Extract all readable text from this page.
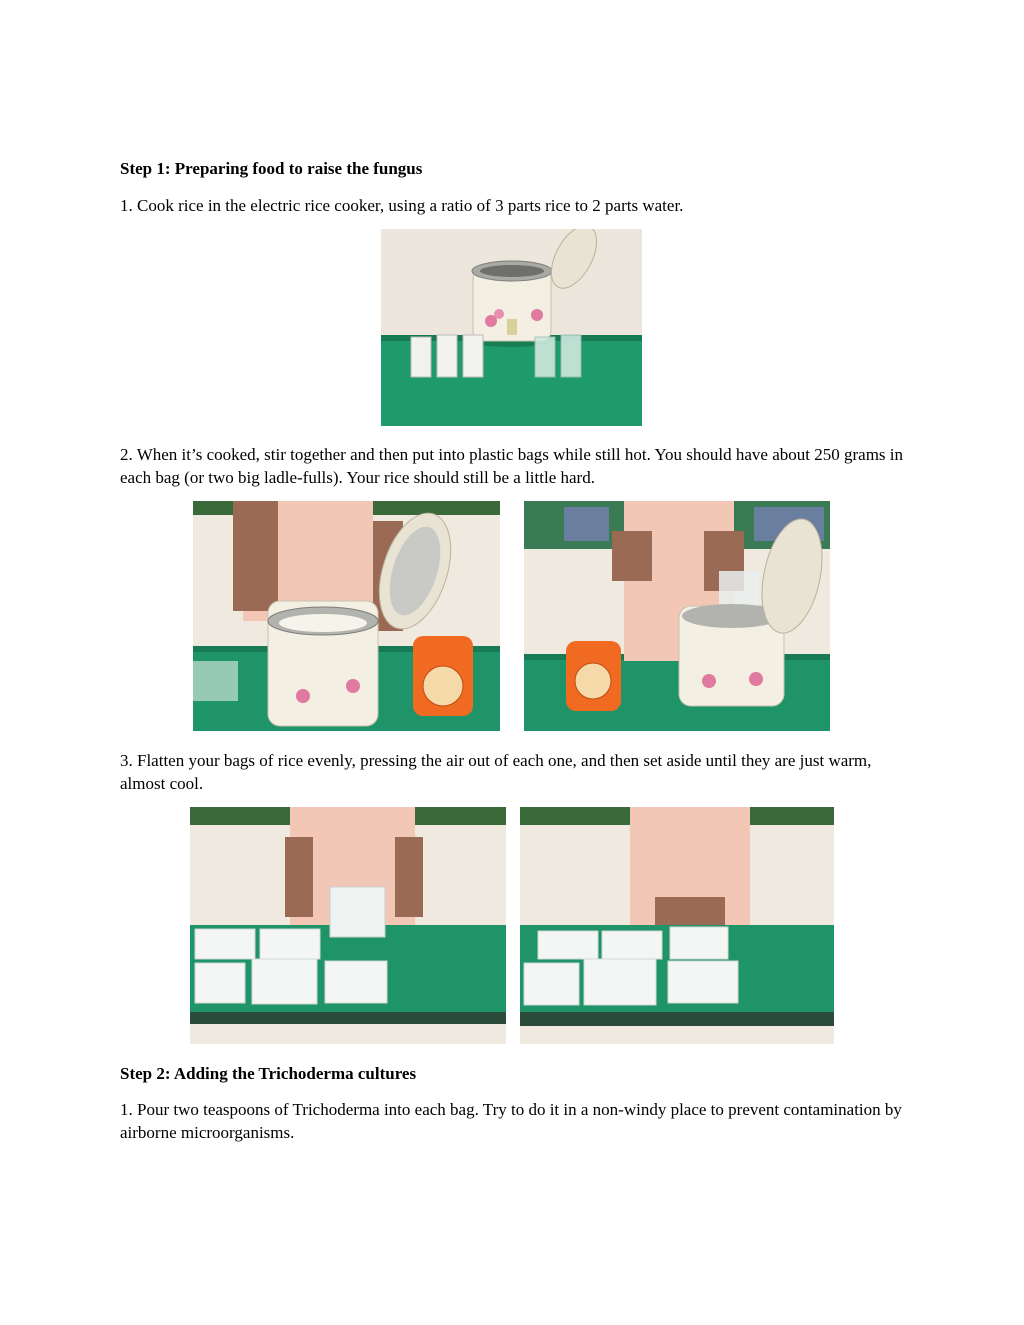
Step 1: Preparing food to raise the fungus
1. Cook rice in the electric rice cooker, using a ratio of 3 parts rice to 2 parts water.
2. When it’s cooked, stir together and then put into plastic bags while still hot. You should have about 250 grams in each bag (or two big ladle-fulls). Your rice should still be a little hard.
3. Flatten your bags of rice evenly, pressing the air out of each one, and then set aside until they are just warm, almost cool.
Step 2: Adding the Trichoderma cultures
1. Pour two teaspoons of Trichoderma into each bag. Try to do it in a non-windy place to prevent contamination by airborne microorganisms.
